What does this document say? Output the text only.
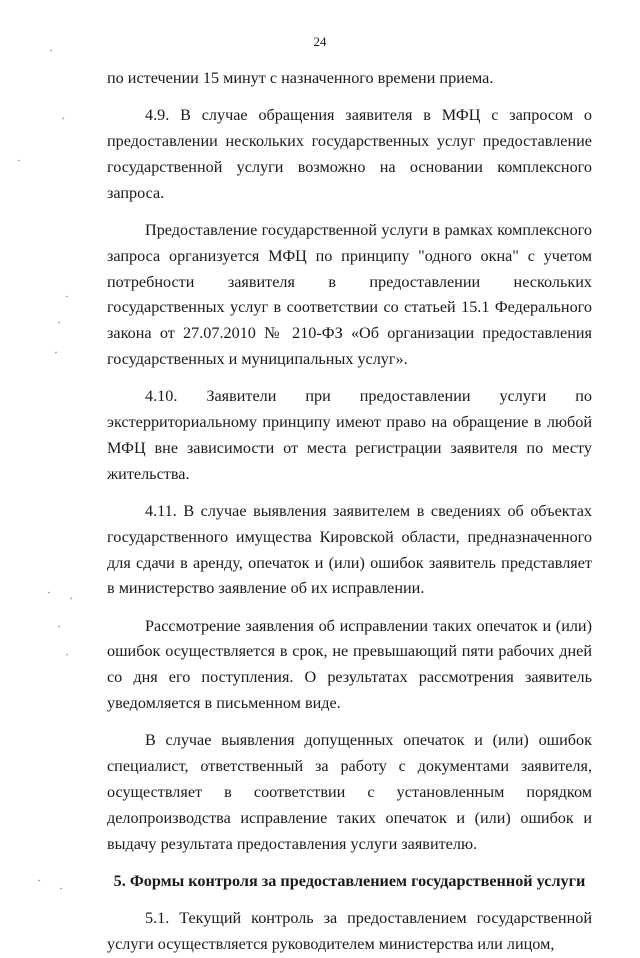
24

по истечении 15 минут с назначенного времени приема.

4.9. В случае обращения заявителя в МФЦ с запросом о предоставлении нескольких государственных услуг предоставление государственной услуги возможно на основании комплексного запроса.

Предоставление государственной услуги в рамках комплексного запроса организуется МФЦ по принципу "одного окна" с учетом потребности заявителя в предоставлении нескольких государственных услуг в соответствии со статьей 15.1 Федерального закона от 27.07.2010 № 210-ФЗ «Об организации предоставления государственных и муниципальных услуг».

4.10. Заявители при предоставлении услуги по экстерриториальному принципу имеют право на обращение в любой МФЦ вне зависимости от места регистрации заявителя по месту жительства.

4.11. В случае выявления заявителем в сведениях об объектах государственного имущества Кировской области, предназначенного для сдачи в аренду, опечаток и (или) ошибок заявитель представляет в министерство заявление об их исправлении.

Рассмотрение заявления об исправлении таких опечаток и (или) ошибок осуществляется в срок, не превышающий пяти рабочих дней со дня его поступления. О результатах рассмотрения заявитель уведомляется в письменном виде.

В случае выявления допущенных опечаток и (или) ошибок специалист, ответственный за работу с документами заявителя, осуществляет в соответствии с установленным порядком делопроизводства исправление таких опечаток и (или) ошибок и выдачу результата предоставления услуги заявителю.

5. Формы контроля за предоставлением государственной услуги

5.1. Текущий контроль за предоставлением государственной услуги осуществляется руководителем министерства или лицом,
